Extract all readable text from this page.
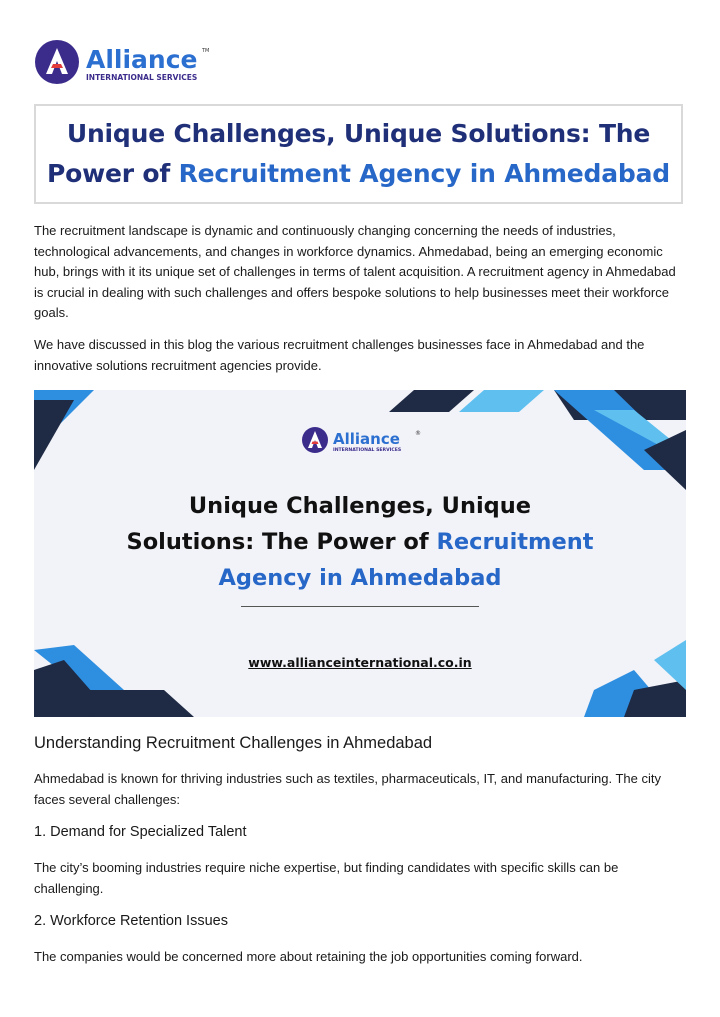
Alliance
INTERNATIONAL SERVICES
TM
Unique Challenges, Unique Solutions: The Power of Recruitment Agency in Ahmedabad

The recruitment landscape is dynamic and continuously changing concerning the needs of industries, technological advancements, and changes in workforce dynamics. Ahmedabad, being an emerging economic hub, brings with it its unique set of challenges in terms of talent acquisition. A recruitment agency in Ahmedabad is crucial in dealing with such challenges and offers bespoke solutions to help businesses meet their workforce goals.

We have discussed in this blog the various recruitment challenges businesses face in Ahmedabad and the innovative solutions recruitment agencies provide.

Alliance
INTERNATIONAL SERVICES
®
Unique Challenges, Unique
Solutions: The Power of Recruitment
Agency in Ahmedabad
www.allianceinternational.co.in
Understanding Recruitment Challenges in Ahmedabad

Ahmedabad is known for thriving industries such as textiles, pharmaceuticals, IT, and manufacturing. The city faces several challenges:

1. Demand for Specialized Talent

The city’s booming industries require niche expertise, but finding candidates with specific skills can be challenging.

2. Workforce Retention Issues

The companies would be concerned more about retaining the job opportunities coming forward.
